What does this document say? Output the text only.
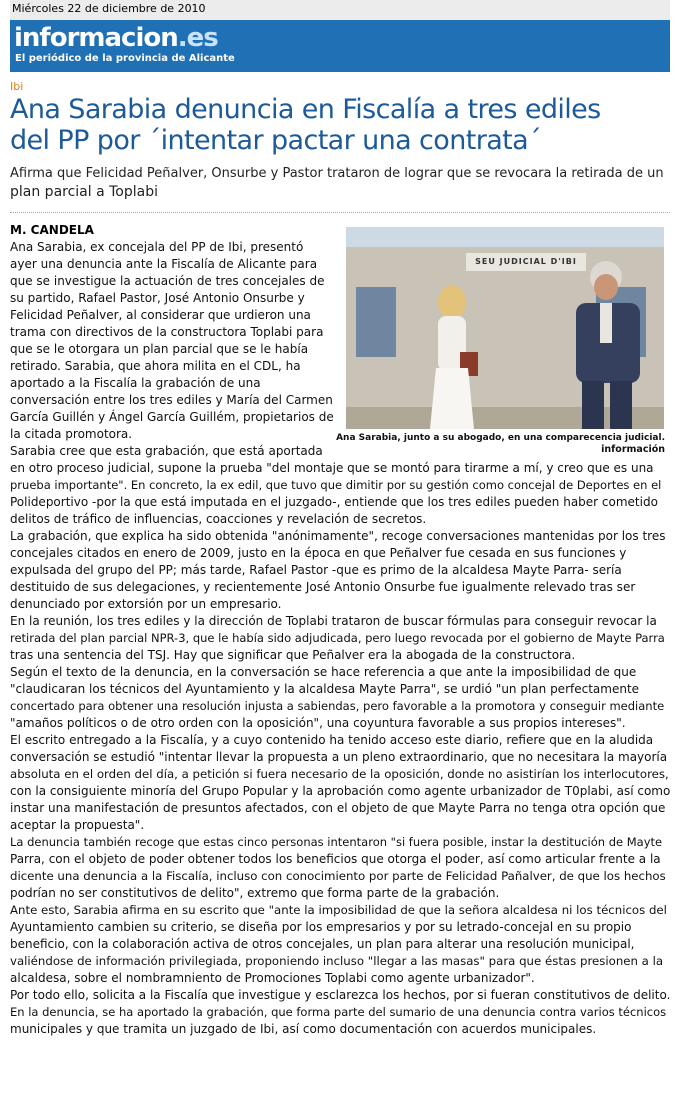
Miércoles 22 de diciembre de 2010
informacion.es
El periódico de la provincia de Alicante
Ibi
Ana Sarabia denuncia en Fiscalía a tres ediles
del PP por ´intentar pactar una contrata´
Afirma que Felicidad Peñalver, Onsurbe y Pastor trataron de lograr que se revocara la retirada de un
plan parcial a Toplabi
M. CANDELA
SEU JUDICIAL D'IBI
Ana Sarabia, junto a su abogado, en una comparecencia judicial.
información

Ana Sarabia, ex concejala del PP de Ibi, presentó

ayer una denuncia ante la Fiscalía de Alicante para

que se investigue la actuación de tres concejales de

su partido, Rafael Pastor, José Antonio Onsurbe y

Felicidad Peñalver, al considerar que urdieron una

trama con directivos de la constructora Toplabi para

que se le otorgara un plan parcial que se le había

retirado. Sarabia, que ahora milita en el CDL, ha

aportado a la Fiscalía la grabación de una

conversación entre los tres ediles y María del Carmen

García Guillén y Ángel García Guillém, propietarios de

la citada promotora.

Sarabia cree que esta grabación, que está aportada

en otro proceso judicial, supone la prueba "del montaje que se montó para tirarme a mí, y creo que es una

prueba importante". En concreto, la ex edil, que tuvo que dimitir por su gestión como concejal de Deportes en el

Polideportivo -por la que está imputada en el juzgado-, entiende que los tres ediles pueden haber cometido

delitos de tráfico de influencias, coacciones y revelación de secretos.

La grabación, que explica ha sido obtenida "anónimamente", recoge conversaciones mantenidas por los tres

concejales citados en enero de 2009, justo en la época en que Peñalver fue cesada en sus funciones y

expulsada del grupo del PP; más tarde, Rafael Pastor -que es primo de la alcaldesa Mayte Parra- sería

destituido de sus delegaciones, y recientemente José Antonio Onsurbe fue igualmente relevado tras ser

denunciado por extorsión por un empresario.

En la reunión, los tres ediles y la dirección de Toplabi trataron de buscar fórmulas para conseguir revocar la

retirada del plan parcial NPR-3, que le había sido adjudicada, pero luego revocada por el gobierno de Mayte Parra

tras una sentencia del TSJ. Hay que significar que Peñalver era la abogada de la constructora.

Según el texto de la denuncia, en la conversación se hace referencia a que ante la imposibilidad de que

"claudicaran los técnicos del Ayuntamiento y la alcaldesa Mayte Parra", se urdió "un plan perfectamente

concertado para obtener una resolución injusta a sabiendas, pero favorable a la promotora y conseguir mediante

"amaños políticos o de otro orden con la oposición", una coyuntura favorable a sus propios intereses".

El escrito entregado a la Fiscalía, y a cuyo contenido ha tenido acceso este diario, refiere que en la aludida

conversación se estudió "intentar llevar la propuesta a un pleno extraordinario, que no necesitara la mayoría

absoluta en el orden del día, a petición si fuera necesario de la oposición, donde no asistirían los interlocutores,

con la consiguiente minoría del Grupo Popular y la aprobación como agente urbanizador de T0plabi, así como

instar una manifestación de presuntos afectados, con el objeto de que Mayte Parra no tenga otra opción que

aceptar la propuesta".

La denuncia también recoge que estas cinco personas intentaron "si fuera posible, instar la destitución de Mayte

Parra, con el objeto de poder obtener todos los beneficios que otorga el poder, así como articular frente a la

dicente una denuncia a la Fiscalía, incluso con conocimiento por parte de Felicidad Pañalver, de que los hechos

podrían no ser constitutivos de delito", extremo que forma parte de la grabación.

Ante esto, Sarabia afirma en su escrito que "ante la imposibilidad de que la señora alcaldesa ni los técnicos del

Ayuntamiento cambien su criterio, se diseña por los empresarios y por su letrado-concejal en su propio

beneficio, con la colaboración activa de otros concejales, un plan para alterar una resolución municipal,

valiéndose de información privilegiada, proponiendo incluso "llegar a las masas" para que éstas presionen a la

alcaldesa, sobre el nombramniento de Promociones Toplabi como agente urbanizador".

Por todo ello, solicita a la Fiscalía que investigue y esclarezca los hechos, por si fueran constitutivos de delito.

En la denuncia, se ha aportado la grabación, que forma parte del sumario de una denuncia contra varios técnicos

municipales y que tramita un juzgado de Ibi, así como documentación con acuerdos municipales.
